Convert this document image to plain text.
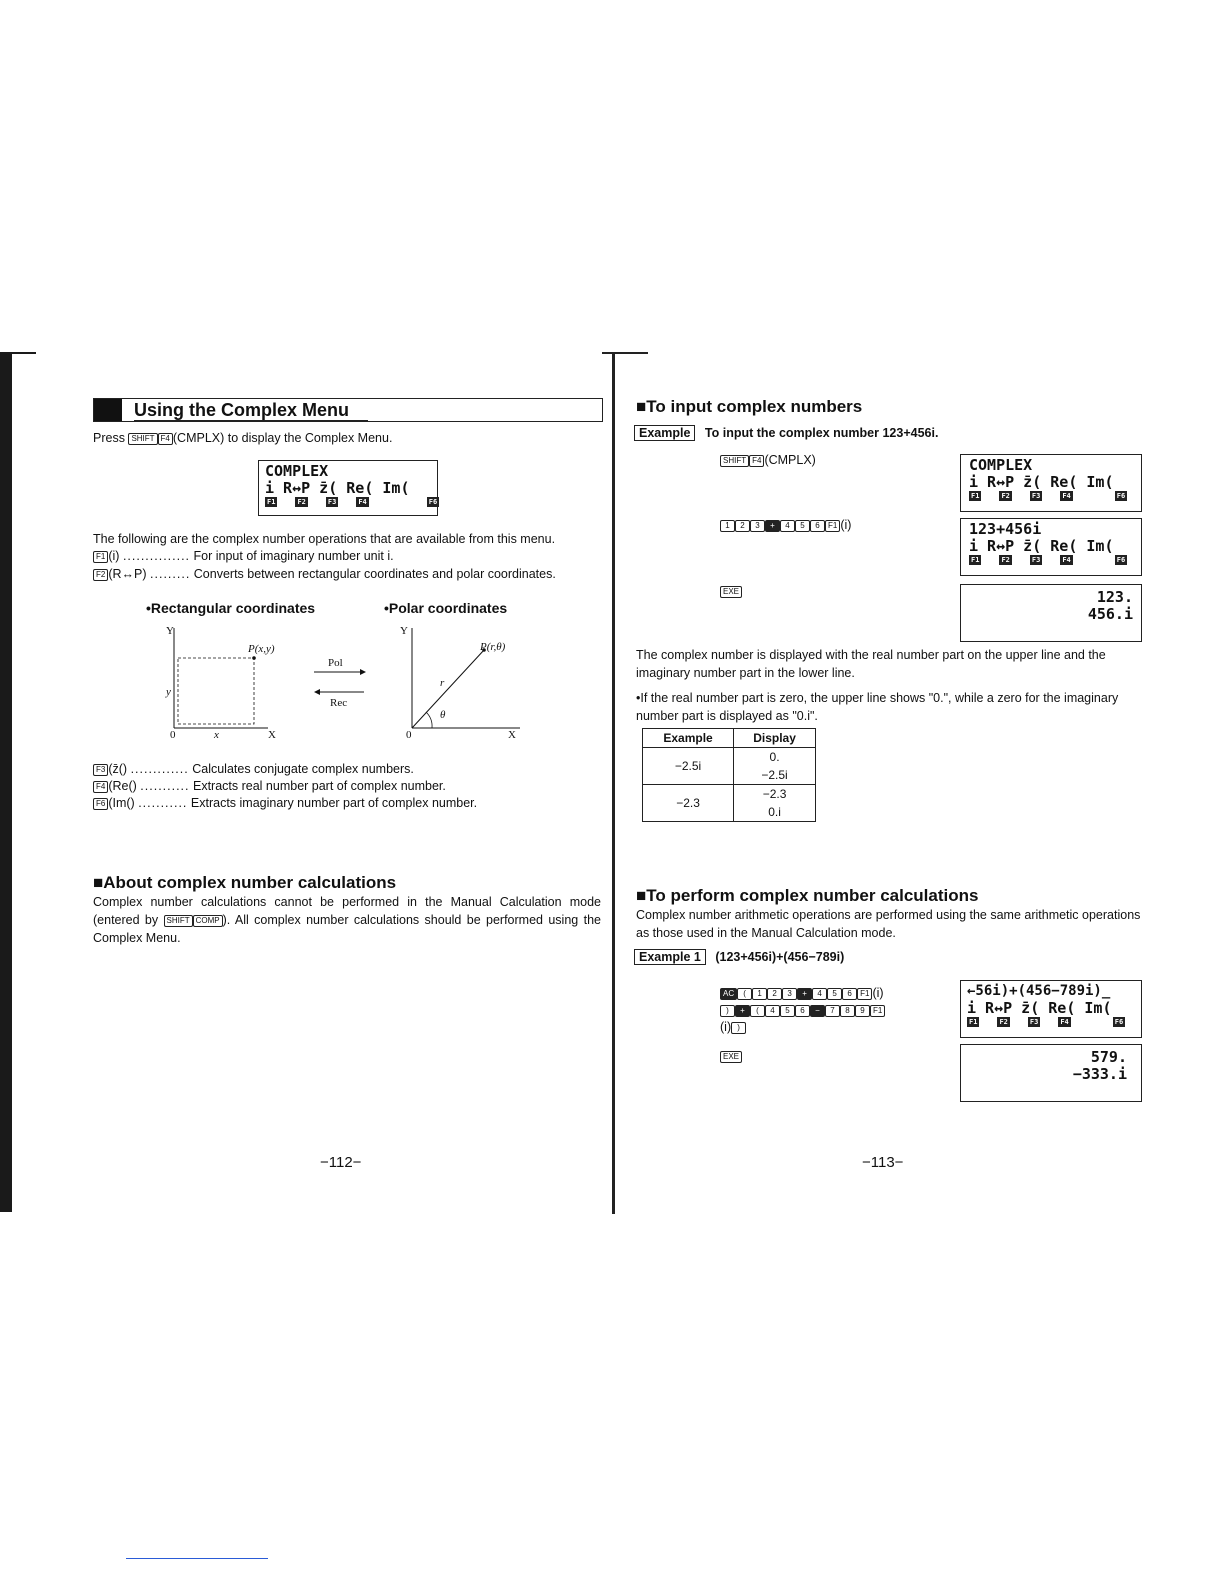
Using the Complex Menu
Press SHIFT F4 (CMPLX) to display the Complex Menu.
COMPLEX
i R↔P z̄( Re( Im(
F1	F2	F3	F4	F6
The following are the complex number operations that are available from this menu.
F1 (i) ............... For input of imaginary number unit i.
F2 (R↔P) ......... Converts between rectangular coordinates and polar coordinates.
•Rectangular coordinates	•Polar coordinates
Y
X
0
P(x,y)
y
x
Pol
Rec
Y
X
0
P(r,θ)
r
θ
F3 (z̄() ............. Calculates conjugate complex numbers.
F4 (Re() ........... Extracts real number part of complex number.
F6 (Im() ........... Extracts imaginary number part of complex number.
■About complex number calculations
Complex number calculations cannot be performed in the Manual Calculation mode (entered by SHIFT COMP ). All complex number calculations should be performed using the Complex Menu.
−112−
■To input complex numbers
Example To input the complex number 123+456i.
SHIFT F4 (CMPLX)	COMPLEX
i R↔P z̄( Re( Im(
F1	F2	F3	F4	F6
1 2 3 + 4 5 6 F1 (i)	123+456i
i R↔P z̄( Re( Im(
F1	F2	F3	F4	F6
EXE	123.
456.i
The complex number is displayed with the real number part on the upper line and the imaginary number part in the lower line.
•If the real number part is zero, the upper line shows "0.", while a zero for the imaginary number part is displayed as "0.i".
Example	Display
−2.5i	0.
	−2.5i
−2.3	−2.3
	0.i
■To perform complex number calculations
Complex number arithmetic operations are performed using the same arithmetic operations as those used in the Manual Calculation mode.
Example 1 (123+456i)+(456−789i)
AC ( 1 2 3 + 4 5 6 F1 (i)
) + ( 4 5 6 − 7 8 9 F1
(i) )
←56i)+(456−789i)_
i R↔P z̄( Re( Im(
F1	F2	F3	F4	F6
EXE	579.
−333.i
−113−
